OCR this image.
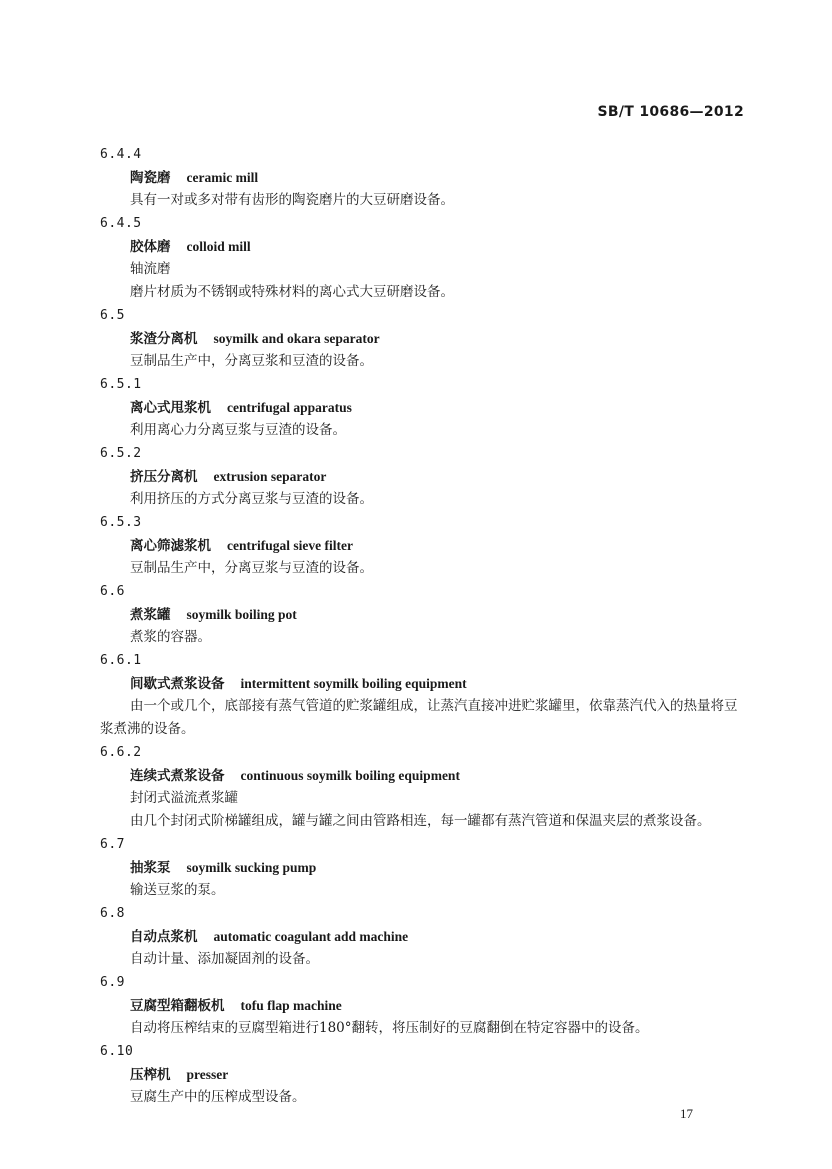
SB/T 10686—2012
6.4.4
陶瓷磨 ceramic mill
具有一对或多对带有齿形的陶瓷磨片的大豆研磨设备。
6.4.5
胶体磨 colloid mill
轴流磨
磨片材质为不锈钢或特殊材料的离心式大豆研磨设备。
6.5
浆渣分离机 soymilk and okara separator
豆制品生产中，分离豆浆和豆渣的设备。
6.5.1
离心式甩浆机 centrifugal apparatus
利用离心力分离豆浆与豆渣的设备。
6.5.2
挤压分离机 extrusion separator
利用挤压的方式分离豆浆与豆渣的设备。
6.5.3
离心筛滤浆机 centrifugal sieve filter
豆制品生产中，分离豆浆与豆渣的设备。
6.6
煮浆罐 soymilk boiling pot
煮浆的容器。
6.6.1
间歇式煮浆设备 intermittent soymilk boiling equipment
由一个或几个，底部接有蒸气管道的贮浆罐组成，让蒸汽直接冲进贮浆罐里，依靠蒸汽代入的热量将豆浆煮沸的设备。
6.6.2
连续式煮浆设备 continuous soymilk boiling equipment
封闭式溢流煮浆罐
由几个封闭式阶梯罐组成，罐与罐之间由管路相连，每一罐都有蒸汽管道和保温夹层的煮浆设备。
6.7
抽浆泵 soymilk sucking pump
输送豆浆的泵。
6.8
自动点浆机 automatic coagulant add machine
自动计量、添加凝固剂的设备。
6.9
豆腐型箱翻板机 tofu flap machine
自动将压榨结束的豆腐型箱进行180°翻转，将压制好的豆腐翻倒在特定容器中的设备。
6.10
压榨机 presser
豆腐生产中的压榨成型设备。
17
